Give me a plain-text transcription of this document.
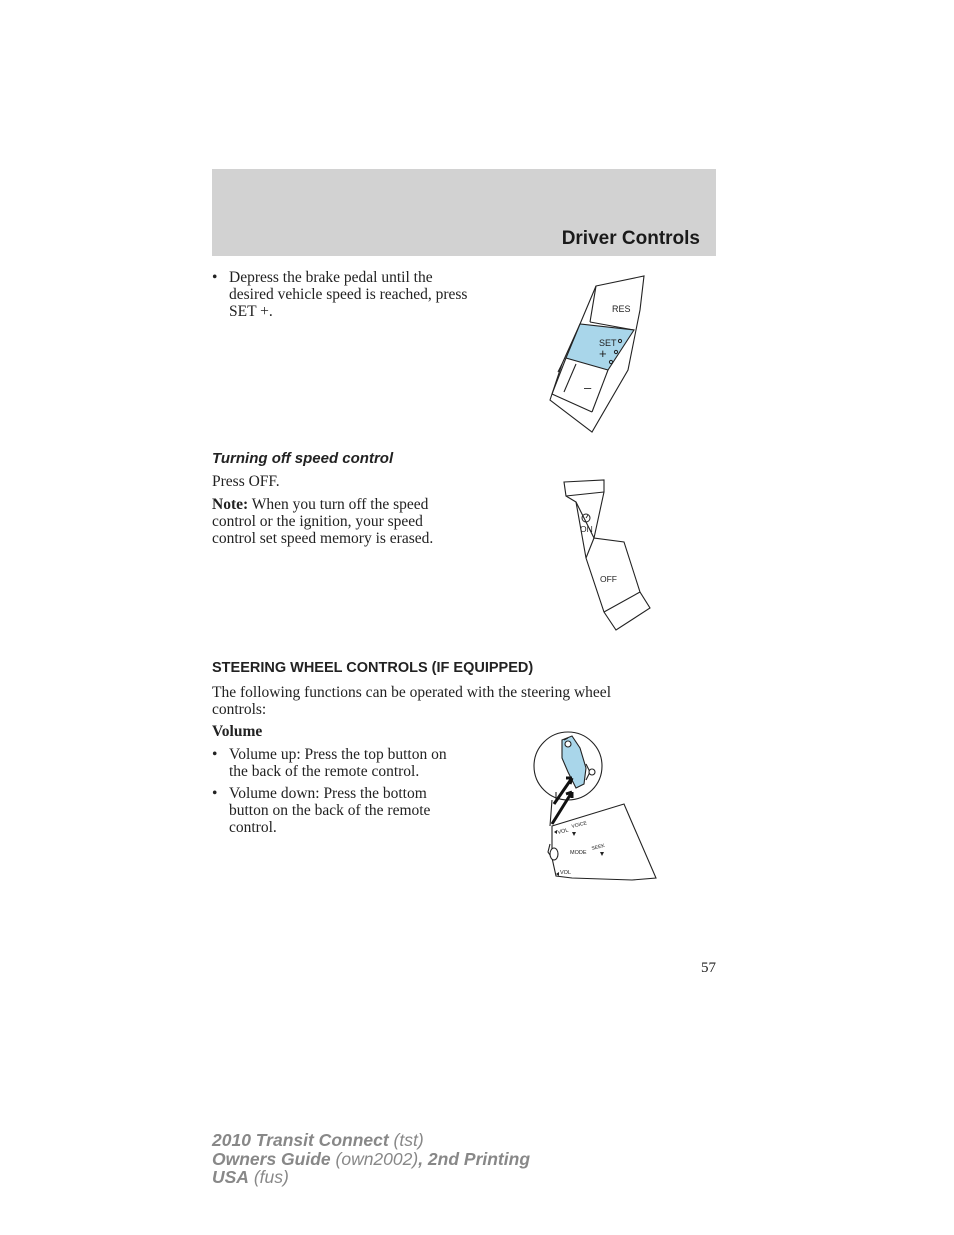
Driver Controls
• Depress the brake pedal until the desired vehicle speed is reached, press SET +.	RES
SET
+
–
Turning off speed control
Press OFF.
Note: When you turn off the speed control or the ignition, your speed control set speed memory is erased.
ON
OFF
STEERING WHEEL CONTROLS (IF EQUIPPED)
The following functions can be operated with the steering wheel controls:
Volume
• Volume up: Press the top button on the back of the remote control.
• Volume down: Press the bottom button on the back of the remote control.	VOL
VOICE
MODE
SEEK
VOL
57
2010 Transit Connect (tst)
Owners Guide (own2002), 2nd Printing
USA (fus)
